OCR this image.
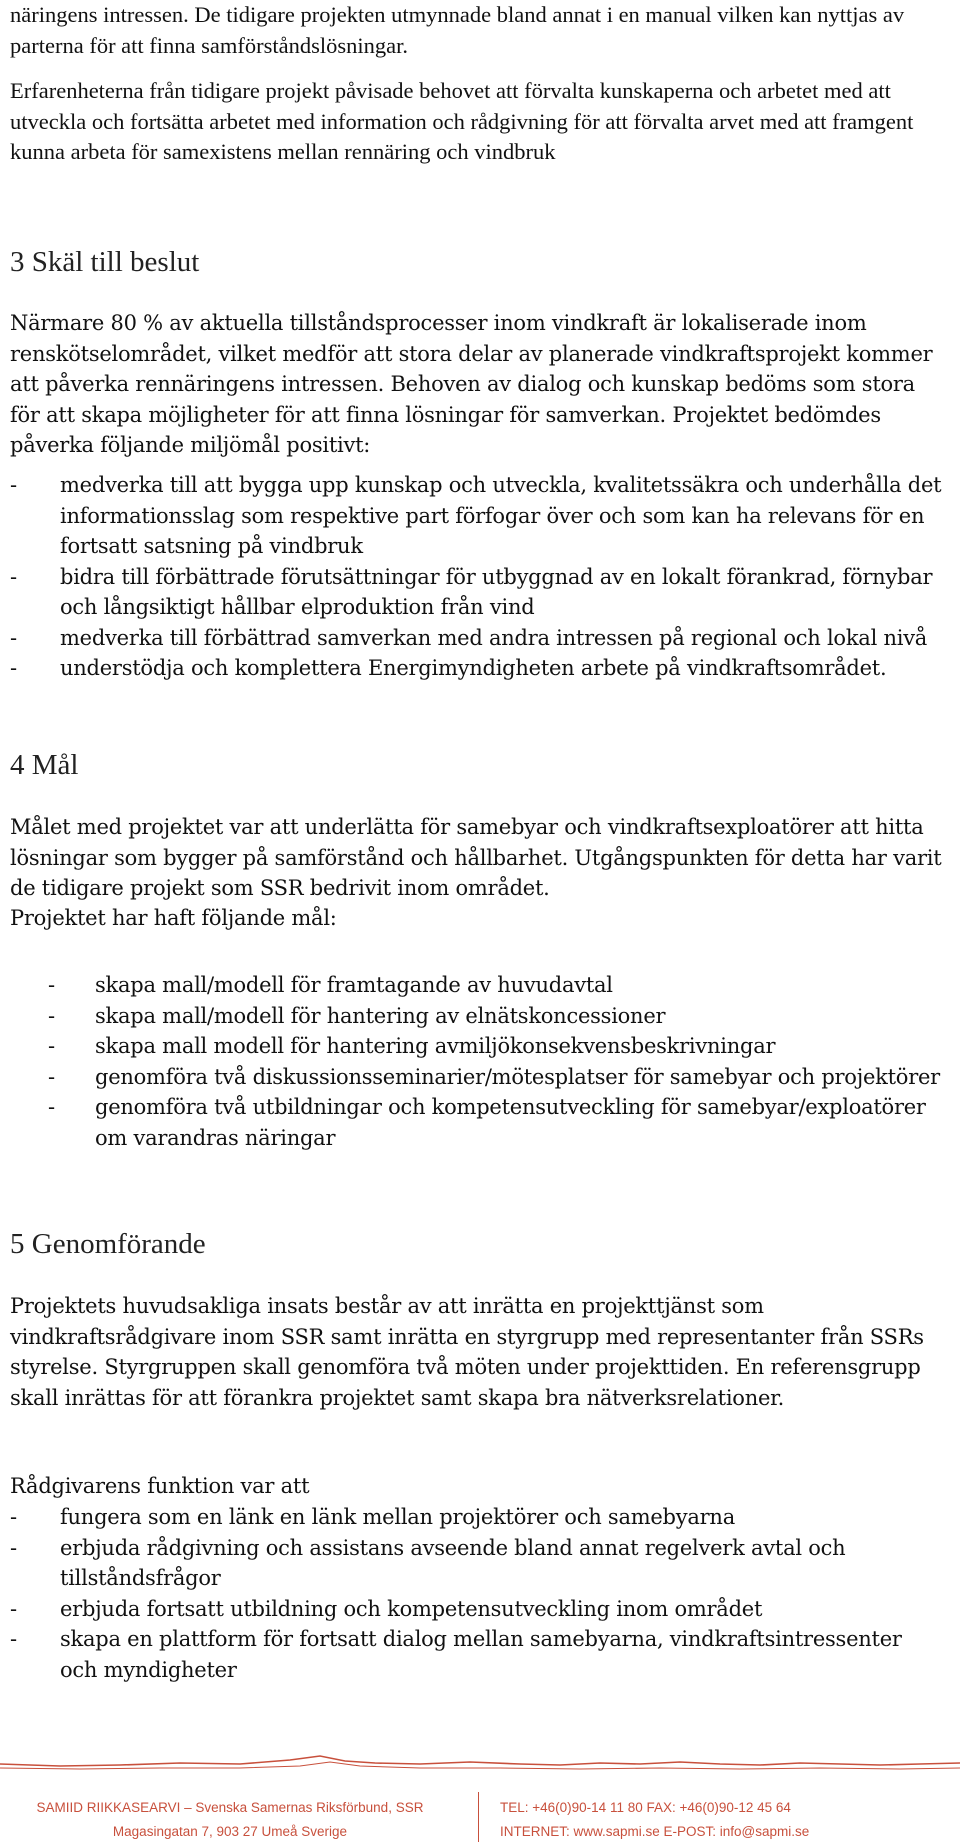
näringens intressen. De tidigare projekten utmynnade bland annat i en manual vilken kan nyttjas av parterna för att finna samförståndslösningar.

Erfarenheterna från tidigare projekt påvisade behovet att förvalta kunskaperna och arbetet med att utveckla och fortsätta arbetet med information och rådgivning för att förvalta arvet med att framgent kunna arbeta för samexistens mellan rennäring och vindbruk

3 Skäl till beslut

Närmare 80 % av aktuella tillståndsprocesser inom vindkraft är lokaliserade inom renskötselområdet, vilket medför att stora delar av planerade vindkraftsprojekt kommer att påverka rennäringens intressen. Behoven av dialog och kunskap bedöms som stora för att skapa möjligheter för att finna lösningar för samverkan. Projektet bedömdes påverka följande miljömål positivt:

- medverka till att bygga upp kunskap och utveckla, kvalitetssäkra och underhålla det informationsslag som respektive part förfogar över och som kan ha relevans för en fortsatt satsning på vindbruk
- bidra till förbättrade förutsättningar för utbyggnad av en lokalt förankrad, förnybar och långsiktigt hållbar elproduktion från vind
- medverka till förbättrad samverkan med andra intressen på regional och lokal nivå
- understödja och komplettera Energimyndigheten arbete på vindkraftsområdet.
4 Mål

Målet med projektet var att underlätta för samebyar och vindkraftsexploatörer att hitta lösningar som bygger på samförstånd och hållbarhet. Utgångspunkten för detta har varit de tidigare projekt som SSR bedrivit inom området.

Projektet har haft följande mål:

- skapa mall/modell för framtagande av huvudavtal
- skapa mall/modell för hantering av elnätskoncessioner
- skapa mall modell för hantering avmiljökonsekvensbeskrivningar
- genomföra två diskussionsseminarier/mötesplatser för samebyar och projektörer
- genomföra två utbildningar och kompetensutveckling för samebyar/exploatörer om varandras näringar
5 Genomförande

Projektets huvudsakliga insats består av att inrätta en projekttjänst som vindkraftsrådgivare inom SSR samt inrätta en styrgrupp med representanter från SSRs styrelse. Styrgruppen skall genomföra två möten under projekttiden. En referensgrupp skall inrättas för att förankra projektet samt skapa bra nätverksrelationer.

Rådgivarens funktion var att

- fungera som en länk en länk mellan projektörer och samebyarna
- erbjuda rådgivning och assistans avseende bland annat regelverk avtal och tillståndsfrågor
- erbjuda fortsatt utbildning och kompetensutveckling inom området
- skapa en plattform för fortsatt dialog mellan samebyarna, vindkraftsintressenter och myndigheter
SAMIID RIIKKASEARVI – Svenska Samernas Riksförbund, SSR
Magasingatan 7, 903 27 Umeå Sverige
TEL: +46(0)90-14 11 80 FAX: +46(0)90-12 45 64
INTERNET: www.sapmi.se E-POST: info@sapmi.se
